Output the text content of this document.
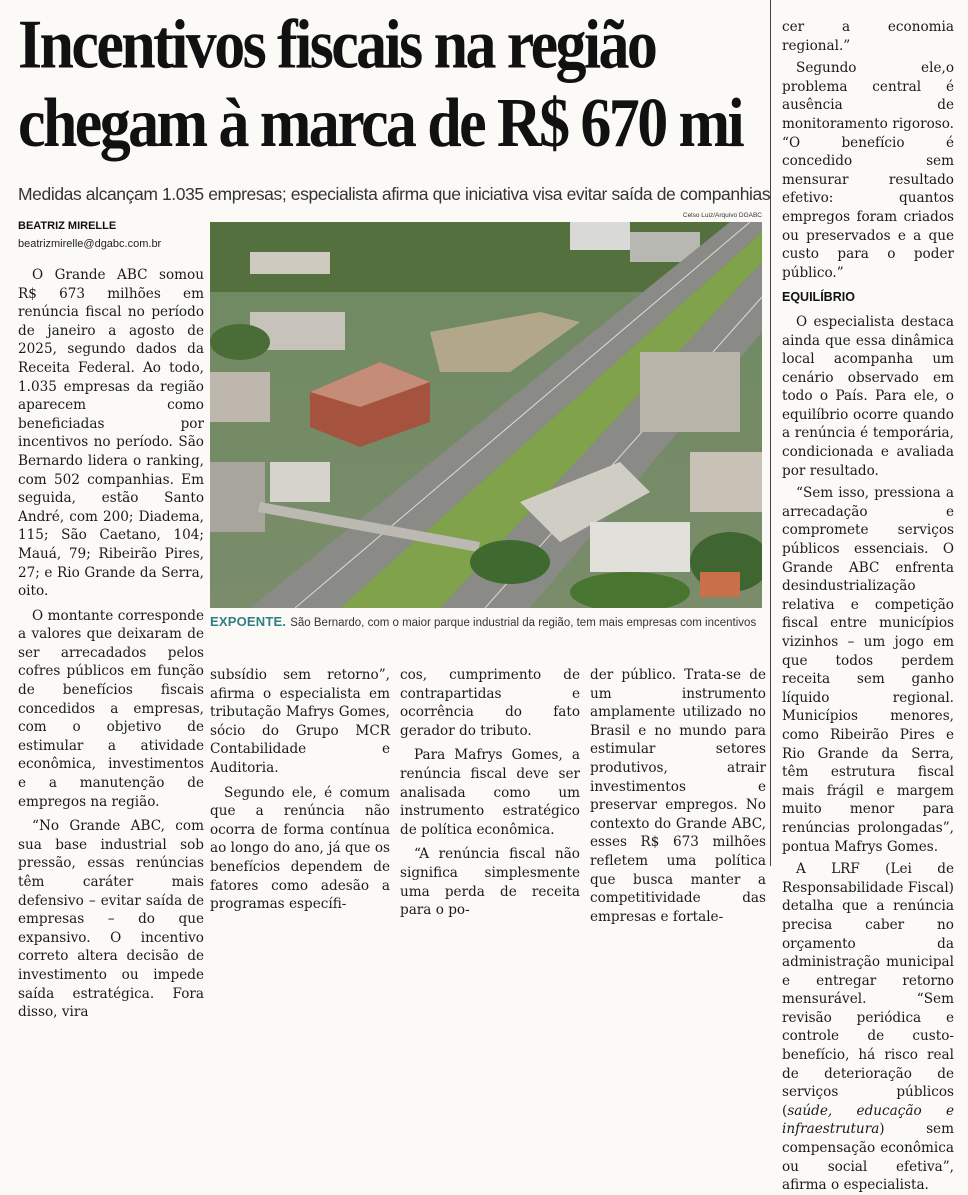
Incentivos fiscais na região
chegam à marca de R$ 670 mi
Medidas alcançam 1.035 empresas; especialista afirma que iniciativa visa evitar saída de companhias
BEATRIZ MIRELLE
beatrizmirelle@dgabc.com.br
Celso Luiz/Arquivo DGABC
EXPOENTE. São Bernardo, com o maior parque industrial da região, tem mais empresas com incentivos

O Grande ABC somou R$ 673 milhões em renúncia fiscal no período de janeiro a agosto de 2025, segundo dados da Receita Federal. Ao todo, 1.035 empresas da região aparecem como beneficiadas por incentivos no período. São Bernardo lidera o ranking, com 502 companhias. Em seguida, estão Santo André, com 200; Diadema, 115; São Caetano, 104; Mauá, 79; Ribeirão Pires, 27; e Rio Grande da Serra, oito.

O montante corresponde a valores que deixaram de ser arrecadados pelos cofres públicos em função de benefícios fiscais concedidos a empresas, com o objetivo de estimular a atividade econômica, investimentos e a manutenção de empregos na região.

“No Grande ABC, com sua base industrial sob pressão, essas renúncias têm caráter mais defensivo – evitar saída de empresas – do que expansivo. O incentivo correto altera decisão de investimento ou impede saída estratégica. Fora disso, vira

subsídio sem retorno”, afirma o especialista em tributação Mafrys Gomes, sócio do Grupo MCR Contabilidade e Auditoria.

Segundo ele, é comum que a renúncia não ocorra de forma contínua ao longo do ano, já que os benefícios dependem de fatores como adesão a programas específi-

cos, cumprimento de contrapartidas e ocorrência do fato gerador do tributo.

Para Mafrys Gomes, a renúncia fiscal deve ser analisada como um instrumento estratégico de política econômica.

“A renúncia fiscal não significa simplesmente uma perda de receita para o po-

der público. Trata-se de um instrumento amplamente utilizado no Brasil e no mundo para estimular setores produtivos, atrair investimentos e preservar empregos. No contexto do Grande ABC, esses R$ 673 milhões refletem uma política que busca manter a competitividade das empresas e fortale-

cer a economia regional.”

Segundo ele,o problema central é ausência de monitoramento rigoroso. “O benefício é concedido sem mensurar resultado efetivo: quantos empregos foram criados ou preservados e a que custo para o poder público.”

EQUILÍBRIO

O especialista destaca ainda que essa dinâmica local acompanha um cenário observado em todo o País. Para ele, o equilíbrio ocorre quando a renúncia é temporária, condicionada e avaliada por resultado.

“Sem isso, pressiona a arrecadação e compromete serviços públicos essenciais. O Grande ABC enfrenta desindustrialização relativa e competição fiscal entre municípios vizinhos – um jogo em que todos perdem receita sem ganho líquido regional. Municípios menores, como Ribeirão Pires e Rio Grande da Serra, têm estrutura fiscal mais frágil e margem muito menor para renúncias prolongadas”, pontua Mafrys Gomes.

A LRF (Lei de Responsabilidade Fiscal) detalha que a renúncia precisa caber no orçamento da administração municipal e entregar retorno mensurável. “Sem revisão periódica e controle de custo-benefício, há risco real de deterioração de serviços públicos (saúde, educação e infraestrutura) sem compensação econômica ou social efetiva”, afirma o especialista.
